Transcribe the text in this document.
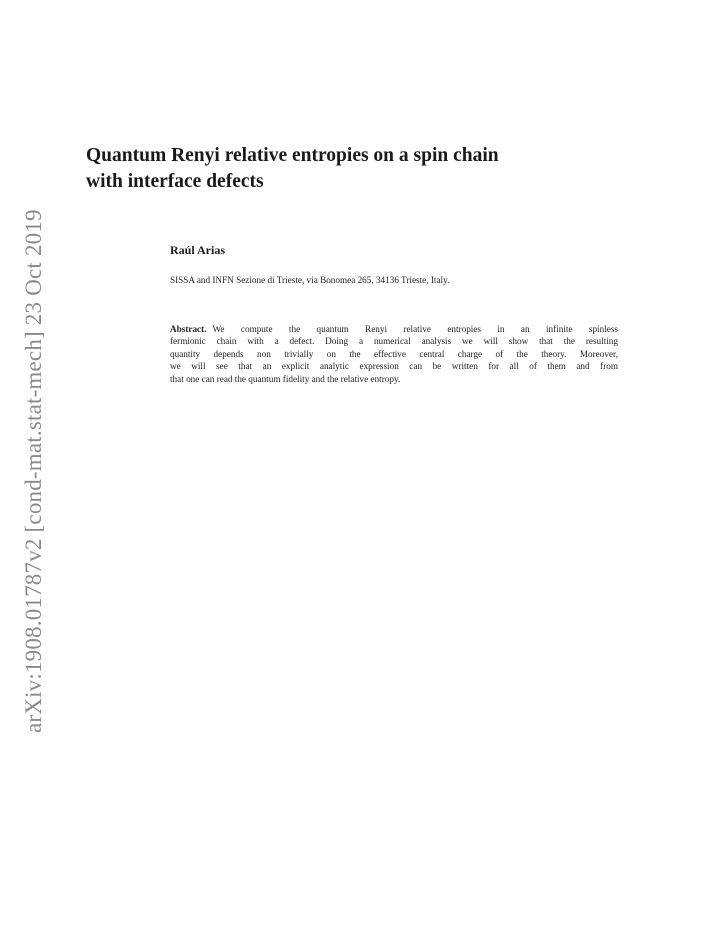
arXiv:1908.01787v2 [cond-mat.stat-mech] 23 Oct 2019
Quantum Renyi relative entropies on a spin chain
with interface defects
Raúl Arias
SISSA and INFN Sezione di Trieste, via Bonomea 265, 34136 Trieste, Italy.
Abstract. We compute the quantum Renyi relative entropies in an infinite spinless
fermionic chain with a defect. Doing a numerical analysis we will show that the resulting
quantity depends non trivially on the effective central charge of the theory. Moreover,
we will see that an explicit analytic expression can be written for all of them and from
that one can read the quantum fidelity and the relative entropy.
